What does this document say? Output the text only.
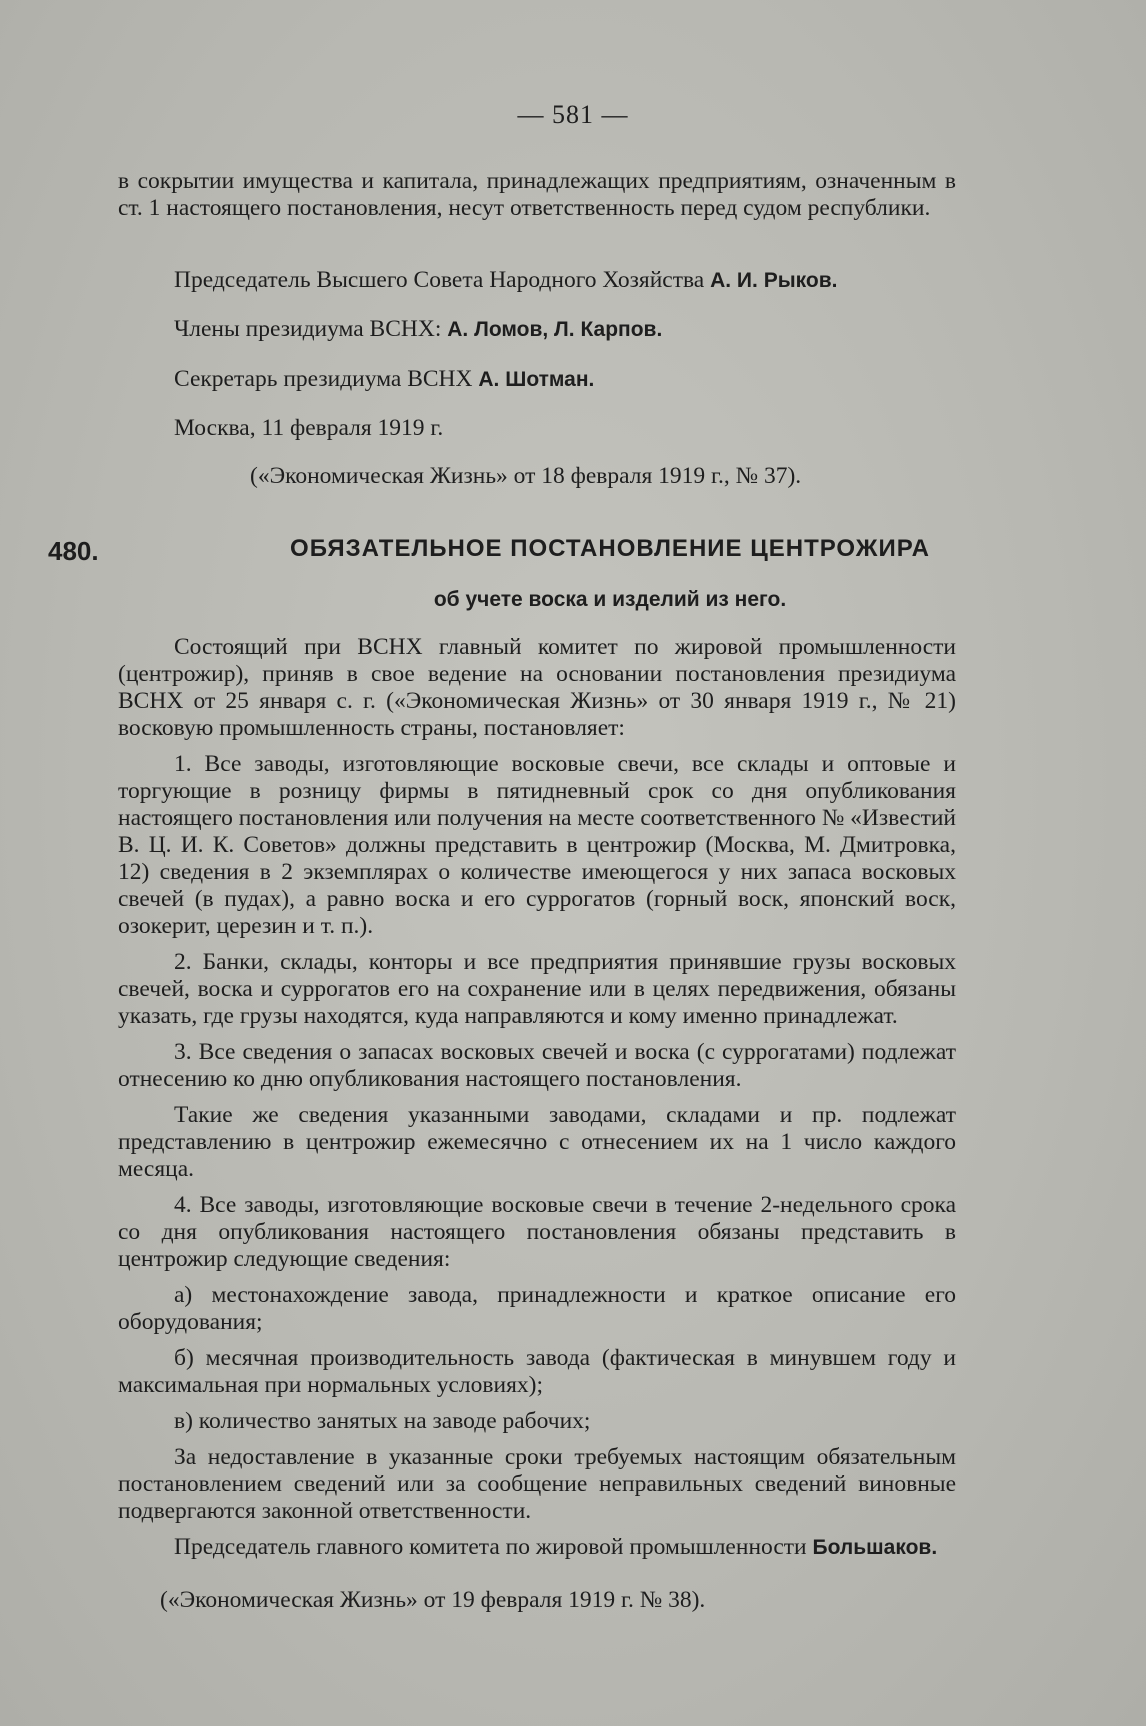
— 581 —

в сокрытии имущества и капитала, принадлежащих предприятиям, означенным в ст. 1 настоящего постановления, несут ответственность перед судом республики.

Председатель Высшего Совета Народного Хозяйства А. И. Рыков.
Члены президиума ВСНХ: А. Ломов, Л. Карпов.
Секретарь президиума ВСНХ А. Шотман.
Москва, 11 февраля 1919 г.
(«Экономическая Жизнь» от 18 февраля 1919 г., № 37).
480.	ОБЯЗАТЕЛЬНОЕ ПОСТАНОВЛЕНИЕ ЦЕНТРОЖИРА
об учете воска и изделий из него.

Состоящий при ВСНХ главный комитет по жировой промышленности (центрожир), приняв в свое ведение на основании постановления президиума ВСНХ от 25 января с. г. («Экономическая Жизнь» от 30 января 1919 г., № 21) восковую промышленность страны, постановляет:

1. Все заводы, изготовляющие восковые свечи, все склады и оптовые и торгующие в розницу фирмы в пятидневный срок со дня опубликования настоящего постановления или получения на месте соответственного № «Известий В. Ц. И. К. Советов» должны представить в центрожир (Москва, М. Дмитровка, 12) сведения в 2 экземплярах о количестве имеющегося у них запаса восковых свечей (в пудах), а равно воска и его суррогатов (горный воск, японский воск, озокерит, церезин и т. п.).

2. Банки, склады, конторы и все предприятия принявшие грузы восковых свечей, воска и суррогатов его на сохранение или в целях передвижения, обязаны указать, где грузы находятся, куда направляются и кому именно принадлежат.

3. Все сведения о запасах восковых свечей и воска (с суррогатами) подлежат отнесению ко дню опубликования настоящего постановления.

Такие же сведения указанными заводами, складами и пр. подлежат представлению в центрожир ежемесячно с отнесением их на 1 число каждого месяца.

4. Все заводы, изготовляющие восковые свечи в течение 2-недельного срока со дня опубликования настоящего постановления обязаны представить в центрожир следующие сведения:

а) местонахождение завода, принадлежности и краткое описание его оборудования;

б) месячная производительность завода (фактическая в минувшем году и максимальная при нормальных условиях);

в) количество занятых на заводе рабочих;

За недоставление в указанные сроки требуемых настоящим обязательным постановлением сведений или за сообщение неправильных сведений виновные подвергаются законной ответственности.

Председатель главного комитета по жировой промышленности Большаков.

(«Экономическая Жизнь» от 19 февраля 1919 г. № 38).
